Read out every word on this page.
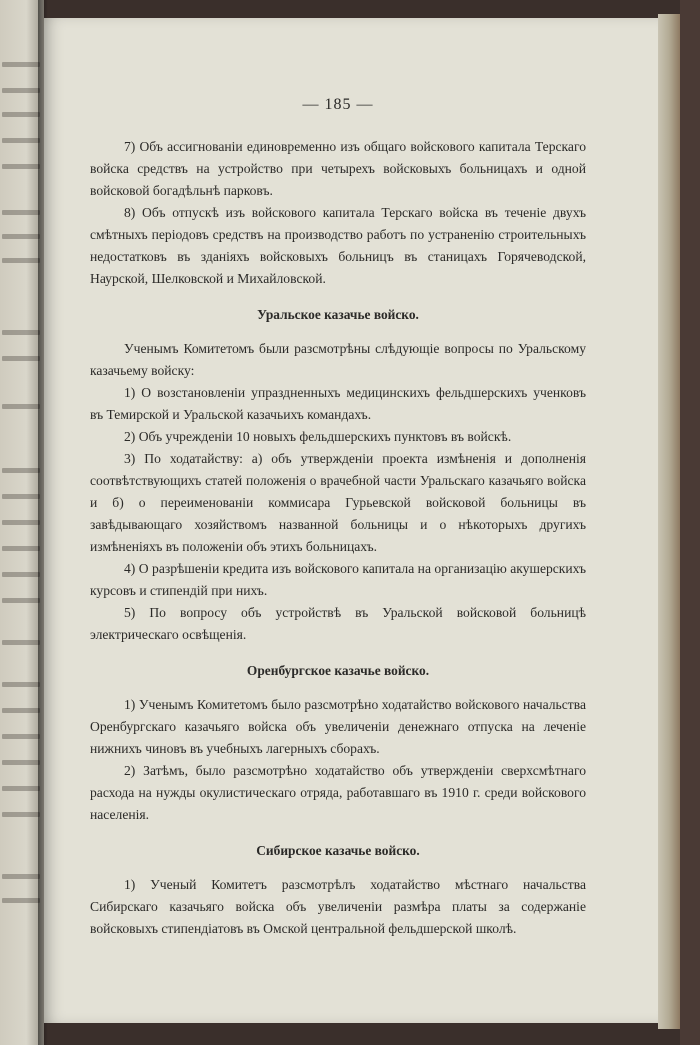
— 185 —

7) Объ ассигнованiи единовременно изъ общаго войскового капитала Терскаго войска средствъ на устройство при четырехъ войсковыхъ больницахъ и одной войсковой богадѣльнѣ парковъ.

8) Объ отпускѣ изъ войскового капитала Терскаго войска въ теченiе двухъ смѣтныхъ перiодовъ средствъ на производство работъ по устраненiю строительныхъ недостатковъ въ зданiяхъ войсковыхъ больницъ въ станицахъ Горячеводской, Наурской, Шелковской и Михайловской.

Уральское казачье войско.

Ученымъ Комитетомъ были разсмотрѣны слѣдующiе вопросы по Уральскому казачьему войску:

1) О возстановленiи упраздненныхъ медицинскихъ фельдшерскихъ ученковъ въ Темирской и Уральской казачьихъ командахъ.

2) Объ учрежденiи 10 новыхъ фельдшерскихъ пунктовъ въ войскѣ.

3) По ходатайству: а) объ утвержденiи проекта измѣненiя и дополненiя соотвѣтствующихъ статей положенiя о врачебной части Уральскаго казачьяго войска и б) о переименованiи коммисара Гурьевской войсковой больницы въ завѣдывающаго хозяйствомъ названной больницы и о нѣкоторыхъ другихъ измѣненiяхъ въ положенiи объ этихъ больницахъ.

4) О разрѣшенiи кредита изъ войскового капитала на организацiю акушерскихъ курсовъ и стипендiй при нихъ.

5) По вопросу объ устройствѣ въ Уральской войсковой больницѣ электрическаго освѣщенiя.

Оренбургское казачье войско.

1) Ученымъ Комитетомъ было разсмотрѣно ходатайство войскового начальства Оренбургскаго казачьяго войска объ увеличенiи денежнаго отпуска на леченiе нижнихъ чиновъ въ учебныхъ лагерныхъ сборахъ.

2) Затѣмъ, было разсмотрѣно ходатайство объ утвержденiи сверхсмѣтнаго расхода на нужды окулистическаго отряда, работавшаго въ 1910 г. среди войскового населенiя.

Сибирское казачье войско.

1) Ученый Комитетъ разсмотрѣлъ ходатайство мѣстнаго начальства Сибирскаго казачьяго войска объ увеличенiи размѣра платы за содержанiе войсковыхъ стипендiатовъ въ Омской центральной фельдшерской школѣ.
